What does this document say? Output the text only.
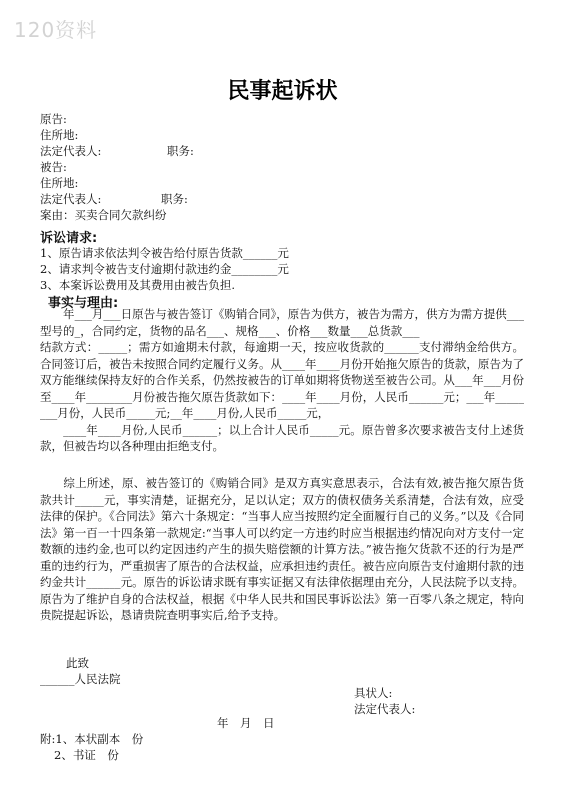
120资料
民事起诉状
原告:
住所地:
法定代表人:	职务:
被告:
住所地:
法定代表人:	职务:
案由：买卖合同欠款纠纷
诉讼请求:
1、原告请求依法判令被告给付原告货款______元
2、请求判令被告支付逾期付款违约金________元
3、本案诉讼费用及其费用由被告负担.
事实与理由:
　　年___月___日原告与被告签订《购销合同》，原告为供方，被告为需方，供方为需方提供___型号的_，合同约定，货物的品名___、规格___、价格___数量___总货款___
结款方式：_____；需方如逾期未付款，每逾期一天，按应收货款的______支付滞纳金给供方。合同签订后，被告未按照合同约定履行义务。从____年____月份开始拖欠原告的货款，原告为了双方能继续保持友好的合作关系，仍然按被告的订单如期将货物送至被告公司。从___年___月份至____年________月份被告拖欠原告货款如下：____年____月份，人民币______元；___年________月份，人民币_____元;__年____月份,人民币_____元，
　　____年____月份,人民币______；以上合计人民币_____元。原告曾多次要求被告支付上述货款，但被告均以各种理由拒绝支付。
　　综上所述，原、被告签订的《购销合同》是双方真实意思表示，合法有效,被告拖欠原告货款共计_____元，事实清楚，证据充分，足以认定；双方的债权债务关系清楚，合法有效，应受法律的保护。《合同法》第六十条规定：“当事人应当按照约定全面履行自己的义务。”以及《合同法》第一百一十四条第一款规定:“当事人可以约定一方违约时应当根据违约情况向对方支付一定数额的违约金,也可以约定因违约产生的损失赔偿额的计算方法。”被告拖欠货款不还的行为是严重的违约行为，严重损害了原告的合法权益，应承担违约责任。被告应向原告支付逾期付款的违约金共计______元。原告的诉讼请求既有事实证据又有法律依据理由充分，人民法院予以支持。原告为了维护自身的合法权益，根据《中华人民共和国民事诉讼法》第一百零八条之规定，特向贵院提起诉讼，恳请贵院查明事实后,给予支持。
此致
______人民法院
具状人:
法定代表人:
年　月　日
附:1、本状副本　份
2、书证　份
